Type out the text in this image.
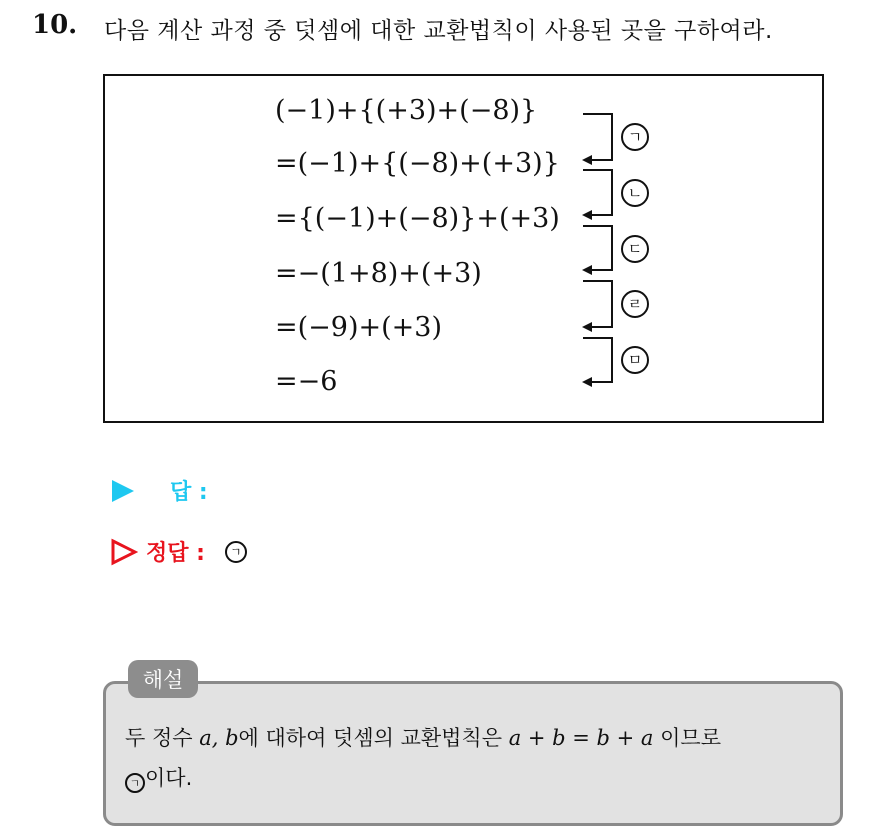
10. 다음 계산 과정 중 덧셈에 대한 교환법칙이 사용된 곳을 구하여라.
(−1)+{(+3)+(−8)}
=(−1)+{(−8)+(+3)}
={(−1)+(−8)}+(+3)
=−(1+8)+(+3)
=(−9)+(+3)
=−6
ㄱ
ㄴ
ㄷ
ㄹ
ㅁ
답 :
정답 :	ㄱ
해설
두 정수 a, b에 대하여 덧셈의 교환법칙은 a + b = b + a 이므로
ㄱ 이다.
